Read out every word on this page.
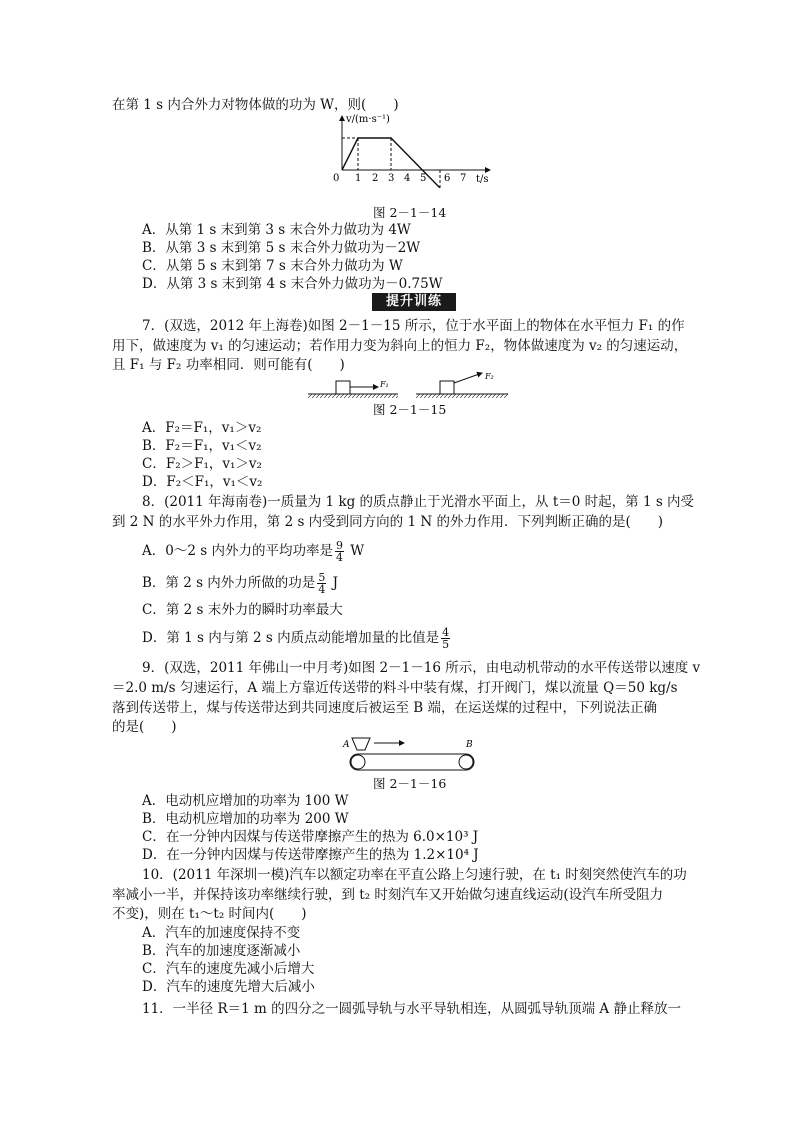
在第 1 s 内合外力对物体做的功为 W，则(　　)
v/(m·s⁻¹)
t/s
0 1 2 3 4 5 6 7
图 2－1－14
A．从第 1 s 末到第 3 s 末合外力做功为 4W
B．从第 3 s 末到第 5 s 末合外力做功为－2W
C．从第 5 s 末到第 7 s 末合外力做功为 W
D．从第 3 s 末到第 4 s 末合外力做功为－0.75W
提升训练
7．(双选，2012 年上海卷)如图 2－1－15 所示，位于水平面上的物体在水平恒力 F₁ 的作
用下，做速度为 v₁ 的匀速运动；若作用力变为斜向上的恒力 F₂，物体做速度为 v₂ 的匀速运动，
且 F₁ 与 F₂ 功率相同．则可能有(　　)
F₁
F₂
图 2－1－15
A．F₂＝F₁，v₁＞v₂
B．F₂＝F₁，v₁＜v₂
C．F₂＞F₁，v₁＞v₂
D．F₂＜F₁，v₁＜v₂
8．(2011 年海南卷)一质量为 1 kg 的质点静止于光滑水平面上，从 t＝0 时起，第 1 s 内受
到 2 N 的水平外力作用，第 2 s 内受到同方向的 1 N 的外力作用．下列判断正确的是(　　)
A．0～2 s 内外力的平均功率是 $\frac{9}{4}$ W
B．第 2 s 内外力所做的功是 $\frac{5}{4}$ J
C．第 2 s 末外力的瞬时功率最大
D．第 1 s 内与第 2 s 内质点动能增加量的比值是 $\frac{4}{5}$
9．(双选，2011 年佛山一中月考)如图 2－1－16 所示，由电动机带动的水平传送带以速度 v
＝2.0 m/s 匀速运行，A 端上方靠近传送带的料斗中装有煤，打开阀门，煤以流量 Q＝50 kg/s
落到传送带上，煤与传送带达到共同速度后被运至 B 端，在运送煤的过程中，下列说法正确
的是(　　)
A	B
图 2－1－16
A．电动机应增加的功率为 100 W
B．电动机应增加的功率为 200 W
C．在一分钟内因煤与传送带摩擦产生的热为 6.0×10³ J
D．在一分钟内因煤与传送带摩擦产生的热为 1.2×10⁴ J
10．(2011 年深圳一模)汽车以额定功率在平直公路上匀速行驶，在 t₁ 时刻突然使汽车的功
率减小一半，并保持该功率继续行驶，到 t₂ 时刻汽车又开始做匀速直线运动(设汽车所受阻力
不变)，则在 t₁～t₂ 时间内(　　)
A．汽车的加速度保持不变
B．汽车的加速度逐渐减小
C．汽车的速度先减小后增大
D．汽车的速度先增大后减小
11．一半径 R＝1 m 的四分之一圆弧导轨与水平导轨相连，从圆弧导轨顶端 A 静止释放一
